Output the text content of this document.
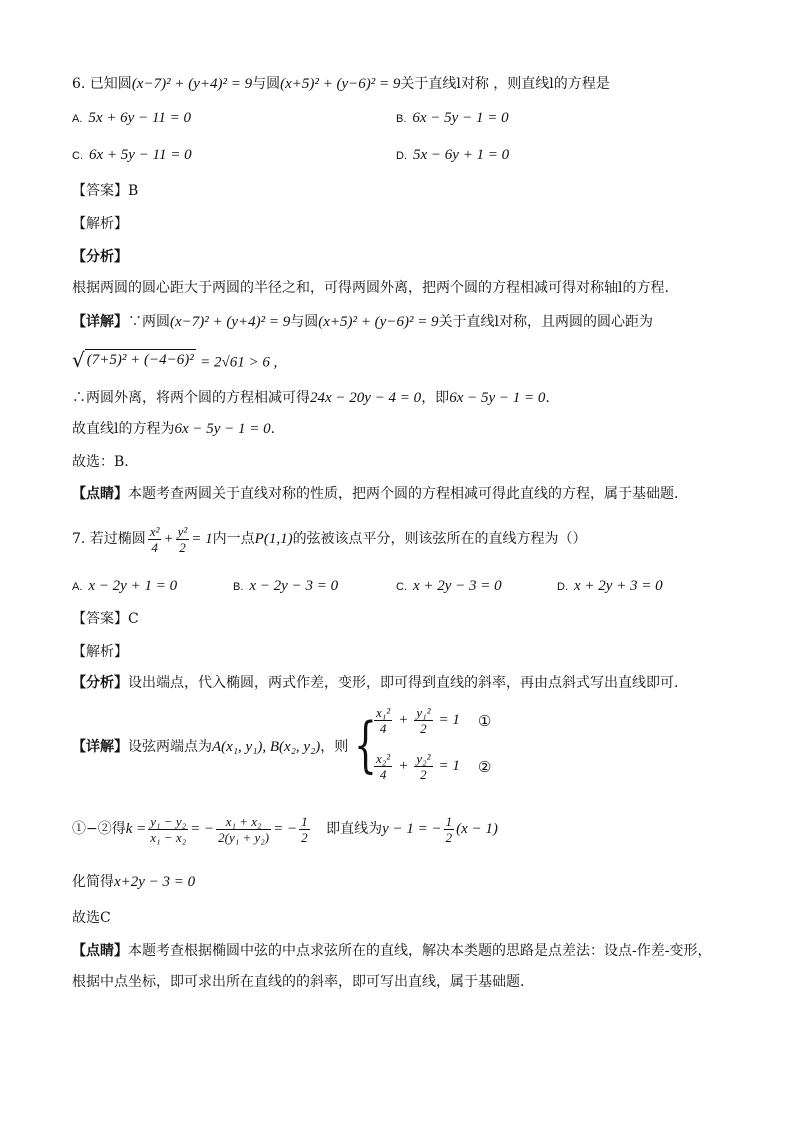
6. 已知圆(x−7)² + (y+4)² = 9与圆(x+5)² + (y−6)² = 9关于直线l对称 ，则直线l的方程是
A. 5x + 6y − 11 = 0	B. 6x − 5y − 1 = 0
C. 6x + 5y − 11 = 0	D. 5x − 6y + 1 = 0
【答案】B
【解析】
【分析】
根据两圆的圆心距大于两圆的半径之和，可得两圆外离，把两个圆的方程相减可得对称轴l的方程.
【详解】∵两圆(x−7)² + (y+4)² = 9与圆(x+5)² + (y−6)² = 9关于直线l对称，且两圆的圆心距为
√ (7+5)² + (−4−6)² = 2√61 > 6 ,
∴两圆外离，将两个圆的方程相减可得24x − 20y − 4 = 0，即6x − 5y − 1 = 0.
故直线l的方程为6x − 5y − 1 = 0.
故选：B.
【点睛】本题考查两圆关于直线对称的性质，把两个圆的方程相减可得此直线的方程，属于基础题.
7. 若过椭圆 $\frac{\text{x²}}{4} + \frac{\text{y²}}{2} = 1$内一点P(1,1)的弦被该点平分，则该弦所在的直线方程为（）
A. x − 2y + 1 = 0	B. x − 2y − 3 = 0	C. x + 2y − 3 = 0	D. x + 2y + 3 = 0
【答案】C
【解析】
【分析】设出端点，代入椭圆，两式作差，变形，即可得到直线的斜率，再由点斜式写出直线即可.
【详解】设弦两端点为A(x₁, y₁), B(x₂, y₂)，则 {
$\frac{\text{x₁²}}{4} + \frac{\text{y₁²}}{2} = 1$ ①
$\frac{\text{x₂²}}{4} + \frac{\text{y₂²}}{2} = 1$ ②
①−②得$k = \frac{\text{y₁ − y₂}}{\text{x₁ − x₂}}$ = − $\frac{\text{x₁ + x₂}}{\text{2(y₁ + y₂)}}$ = − $\frac{1}{2}$ 即直线为y − 1 = − $\frac{1}{2} (x - 1)$
化简得x+2y − 3 = 0
故选C
【点睛】本题考查根据椭圆中弦的中点求弦所在的直线，解决本类题的思路是点差法：设点-作差-变形，
根据中点坐标，即可求出所在直线的的斜率，即可写出直线，属于基础题.
